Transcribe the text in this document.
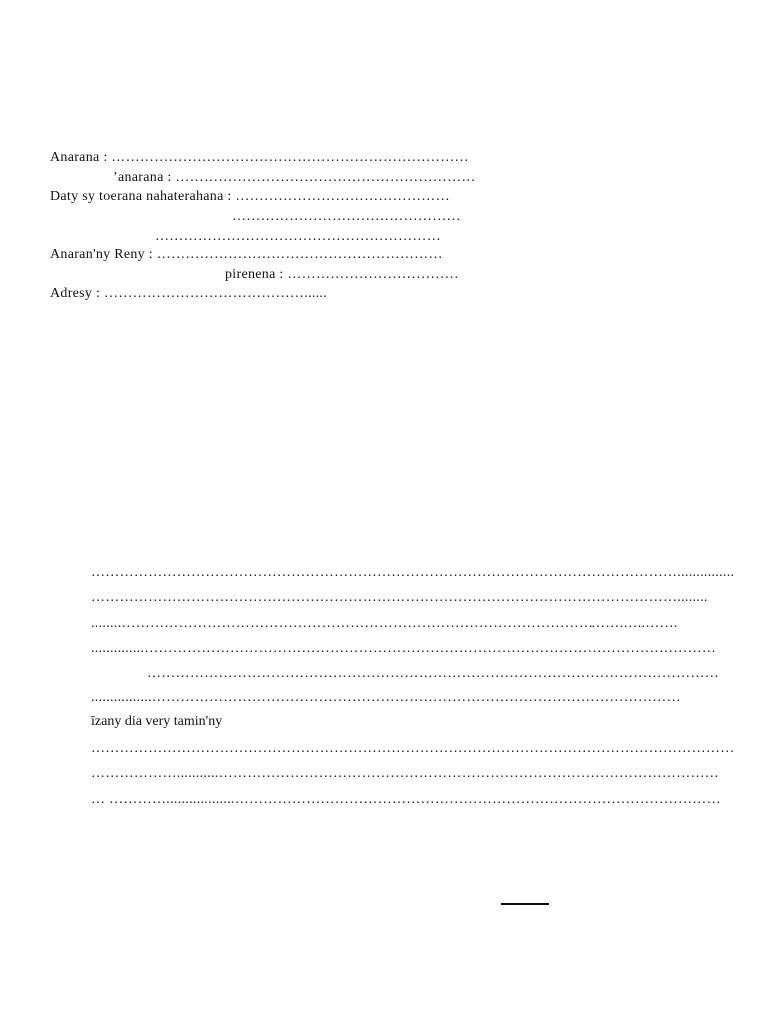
Anarana : …………………………………………………………………
’anarana : ………………………………………………………
Daty sy toerana nahaterahana : ………………………………………
…………………………………………
……………………………………………………
Anaran'ny Reny : ……………………………………………………
pirenena : ………………………………
Adresy : ……………………………………......
……………………………………………………………………………………………………………...............
……………………………………………………………………………………………………………........
........………………………………………………………………………………………
…….…..…….
..............…………………………………………………………………………………………………………
…………………………………………………………………………………………………………
................…………………………………………………………………………………………………
īzany dia very tamin'ny
………………………………………………………………………………………………………………………
………………...........……………………………………………………………………………………………
… …………..................…………………………………………………………………………………………
